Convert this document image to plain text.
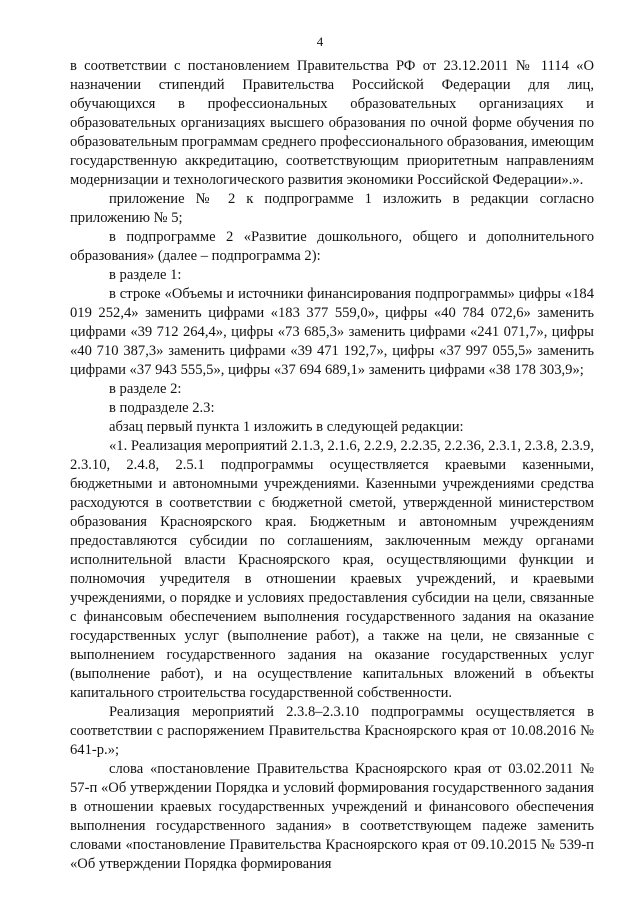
4

в соответствии с постановлением Правительства РФ от 23.12.2011 № 1114 «О назначении стипендий Правительства Российской Федерации для лиц, обучающихся в профессиональных образовательных организациях и образовательных организациях высшего образования по очной форме обучения по образовательным программам среднего профессионального образования, имеющим государственную аккредитацию, соответствующим приоритетным направлениям модернизации и технологического развития экономики Российской Федерации».».

приложение № 2 к подпрограмме 1 изложить в редакции согласно приложению № 5;

в подпрограмме 2 «Развитие дошкольного, общего и дополнительного образования» (далее – подпрограмма 2):

в разделе 1:

в строке «Объемы и источники финансирования подпрограммы» цифры «184 019 252,4» заменить цифрами «183 377 559,0», цифры «40 784 072,6» заменить цифрами «39 712 264,4», цифры «73 685,3» заменить цифрами «241 071,7», цифры «40 710 387,3» заменить цифрами «39 471 192,7», цифры «37 997 055,5» заменить цифрами «37 943 555,5», цифры «37 694 689,1» заменить цифрами «38 178 303,9»;

в разделе 2:

в подразделе 2.3:

абзац первый пункта 1 изложить в следующей редакции:

«1. Реализация мероприятий 2.1.3, 2.1.6, 2.2.9, 2.2.35, 2.2.36, 2.3.1, 2.3.8, 2.3.9, 2.3.10, 2.4.8, 2.5.1 подпрограммы осуществляется краевыми казенными, бюджетными и автономными учреждениями. Казенными учреждениями средства расходуются в соответствии с бюджетной сметой, утвержденной министерством образования Красноярского края. Бюджетным и автономным учреждениям предоставляются субсидии по соглашениям, заключенным между органами исполнительной власти Красноярского края, осуществляющими функции и полномочия учредителя в отношении краевых учреждений, и краевыми учреждениями, о порядке и условиях предоставления субсидии на цели, связанные с финансовым обеспечением выполнения государственного задания на оказание государственных услуг (выполнение работ), а также на цели, не связанные с выполнением государственного задания на оказание государственных услуг (выполнение работ), и на осуществление капитальных вложений в объекты капитального строительства государственной собственности.

Реализация мероприятий 2.3.8–2.3.10 подпрограммы осуществляется в соответствии с распоряжением Правительства Красноярского края от 10.08.2016 № 641-р.»;

слова «постановление Правительства Красноярского края от 03.02.2011 № 57-п «Об утверждении Порядка и условий формирования государственного задания в отношении краевых государственных учреждений и финансового обеспечения выполнения государственного задания» в соответствующем падеже заменить словами «постановление Правительства Красноярского края от 09.10.2015 № 539-п «Об утверждении Порядка формирования
